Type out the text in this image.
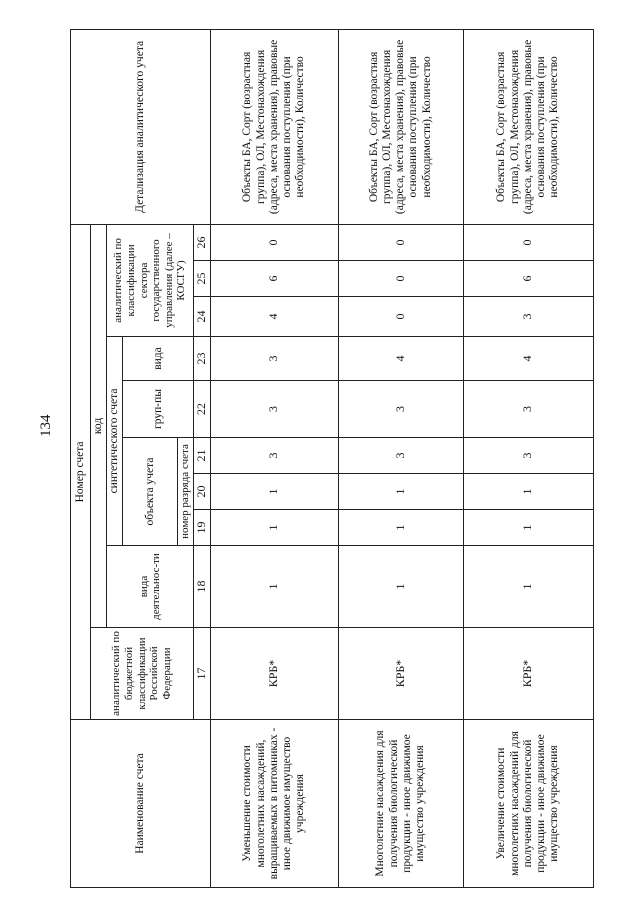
134
Наименование счета	Номер счета										Детализация аналитического учета
	аналитический по бюджетной классификации Российской Федерации	код									
		вида деятельнос-ти	синтетического счета					аналитический по классификации сектора государственного управления (далее – КОСГУ)			
			объекта учета			груп-пы	вида				
			номер разряда счета								
	17	18	19	20	21	22	23	24	25	26	
Уменьшение стоимости многолетних насаждений, выращиваемых в питомниках - иное движимое имущество учреждения	КРБ*	1	1	1	3	3	3	4	6	0	Объекты БА, Сорт (возрастная группа), ОЛ, Местонахождения (адреса, места хранения), правовые основания поступления (при необходимости), Количество
Многолетние насаждения для получения биологической продукции - иное движимое имущество учреждения	КРБ*	1	1	1	3	3	4	0	0	0	Объекты БА, Сорт (возрастная группа), ОЛ, Местонахождения (адреса, места хранения), правовые основания поступления (при необходимости), Количество
Увеличение стоимости многолетних насаждений для получения биологической продукции - иное движимое имущество учреждения	КРБ*	1	1	1	3	3	4	3	6	0	Объекты БА, Сорт (возрастная группа), ОЛ, Местонахождения (адреса, места хранения), правовые основания поступления (при необходимости), Количество
